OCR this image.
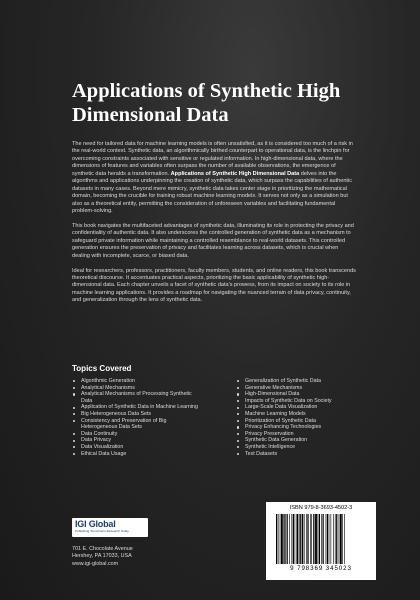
Applications of Synthetic High Dimensional Data

The need for tailored data for machine learning models is often unsatisfied, as it is considered too much of a risk in the real-world context. Synthetic data, an algorithmically birthed counterpart to operational data, is the linchpin for overcoming constraints associated with sensitive or regulated information. In high-dimensional data, where the dimensions of features and variables often surpass the number of available observations, the emergence of synthetic data heralds a transformation. Applications of Synthetic High Dimensional Data delves into the algorithms and applications underpinning the creation of synthetic data, which surpass the capabilities of authentic datasets in many cases. Beyond mere mimicry, synthetic data takes center stage in prioritizing the mathematical domain, becoming the crucible for training robust machine learning models. It serves not only as a simulation but also as a theoretical entity, permitting the consideration of unforeseen variables and facilitating fundamental problem-solving.

This book navigates the multifaceted advantages of synthetic data, illuminating its role in protecting the privacy and confidentiality of authentic data. It also underscores the controlled generation of synthetic data as a mechanism to safeguard private information while maintaining a controlled resemblance to real-world datasets. This controlled generation ensures the preservation of privacy and facilitates learning across datasets, which is crucial when dealing with incomplete, scarce, or biased data.

Ideal for researchers, professors, practitioners, faculty members, students, and online readers, this book transcends theoretical discourse. It accentuates practical aspects, prioritizing the basic applicability of synthetic high-dimensional data. Each chapter unveils a facet of synthetic data's prowess, from its impact on society to its role in machine learning applications. It provides a roadmap for navigating the nuanced terrain of data privacy, continuity, and generalization through the lens of synthetic data.

Topics Covered
Algorithmic Generation
Analytical Mechanisms
Analytical Mechanisms of Processing Synthetic Data
Application of Synthetic Data in Machine Learning
Big Heterogeneous Data Sets
Consistency and Preservation of Big Heterogeneous Data Sets
Data Continuity
Data Privacy
Data Visualization
Ethical Data Usage
Generalization of Synthetic Data
Generative Mechanisms
High-Dimensional Data
Impacts of Synthetic Data on Society
Large-Scale Data Visualization
Machine Learning Models
Prioritization of Synthetic Data
Privacy Enhancing Technologies
Privacy Preservation
Synthetic Data Generation
Synthetic Intelligence
Test Datasets
IGI Global
Publishing Tomorrow's Research Today
701 E. Chocolate Avenue
Hershey, PA 17033, USA
www.igi-global.com
ISBN 979-8-3693-4502-3
9 798369 345023
